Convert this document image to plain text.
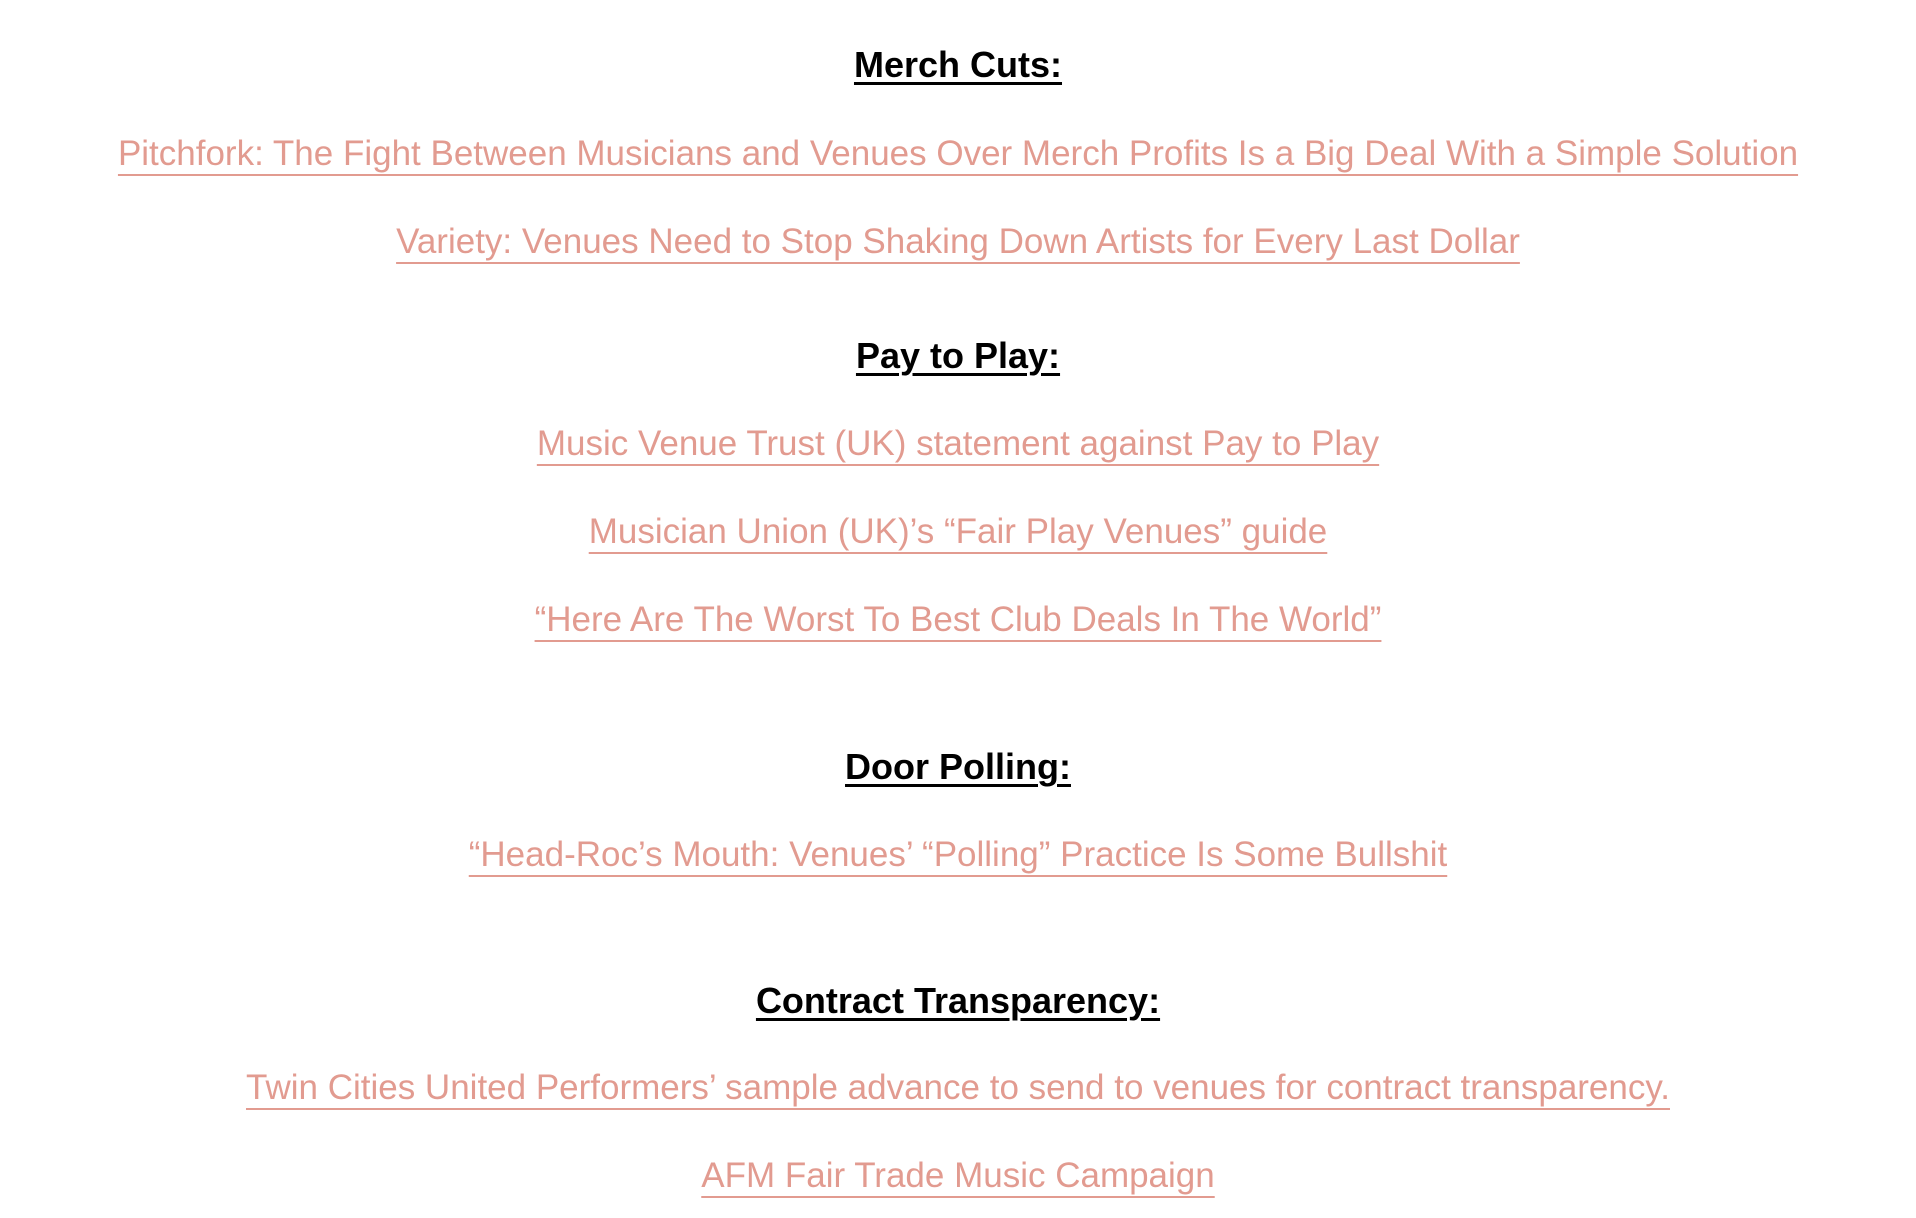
Merch Cuts:
Pitchfork: The Fight Between Musicians and Venues Over Merch Profits Is a Big Deal With a Simple Solution
Variety: Venues Need to Stop Shaking Down Artists for Every Last Dollar
Pay to Play:
Music Venue Trust (UK) statement against Pay to Play
Musician Union (UK)’s “Fair Play Venues” guide
“Here Are The Worst To Best Club Deals In The World”
Door Polling:
“Head-Roc’s Mouth: Venues’ “Polling” Practice Is Some Bullshit
Contract Transparency:
Twin Cities United Performers’ sample advance to send to venues for contract transparency.
AFM Fair Trade Music Campaign
